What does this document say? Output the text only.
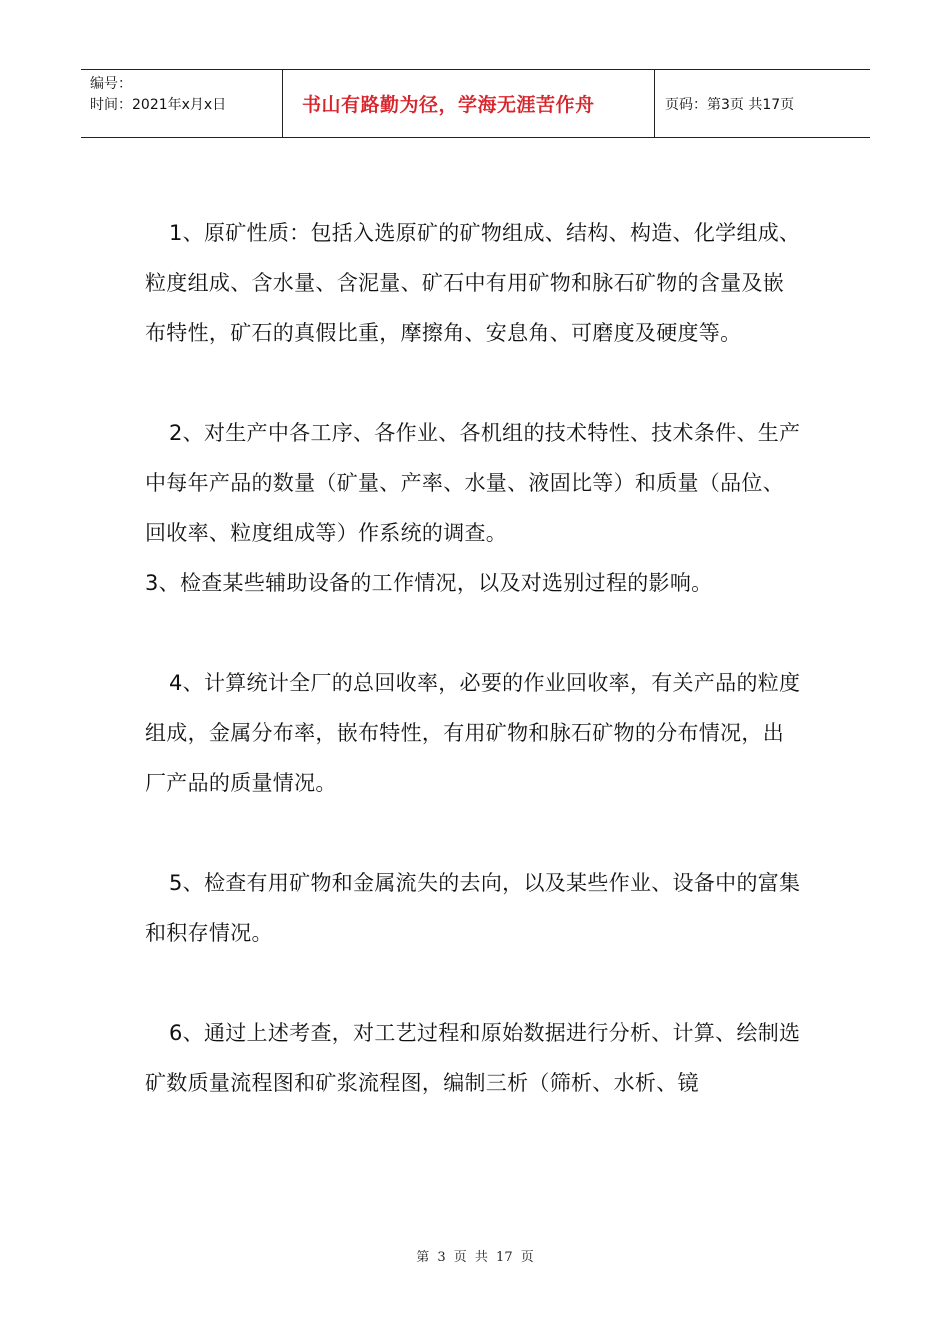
编号：
时间：2021年x月x日	书山有路勤为径，学海无涯苦作舟	页码：第3页 共17页

1、原矿性质：包括入选原矿的矿物组成、结构、构造、化学组成、粒度组成、含水量、含泥量、矿石中有用矿物和脉石矿物的含量及嵌布特性，矿石的真假比重，摩擦角、安息角、可磨度及硬度等。

2、对生产中各工序、各作业、各机组的技术特性、技术条件、生产中每年产品的数量（矿量、产率、水量、液固比等）和质量（品位、回收率、粒度组成等）作系统的调查。

3、检查某些辅助设备的工作情况，以及对选别过程的影响。

4、计算统计全厂的总回收率，必要的作业回收率，有关产品的粒度组成，金属分布率，嵌布特性，有用矿物和脉石矿物的分布情况，出厂产品的质量情况。

5、检查有用矿物和金属流失的去向，以及某些作业、设备中的富集和积存情况。

6、通过上述考查，对工艺过程和原始数据进行分析、计算、绘制选矿数质量流程图和矿浆流程图，编制三析（筛析、水析、镜

第 3 页 共 17 页
